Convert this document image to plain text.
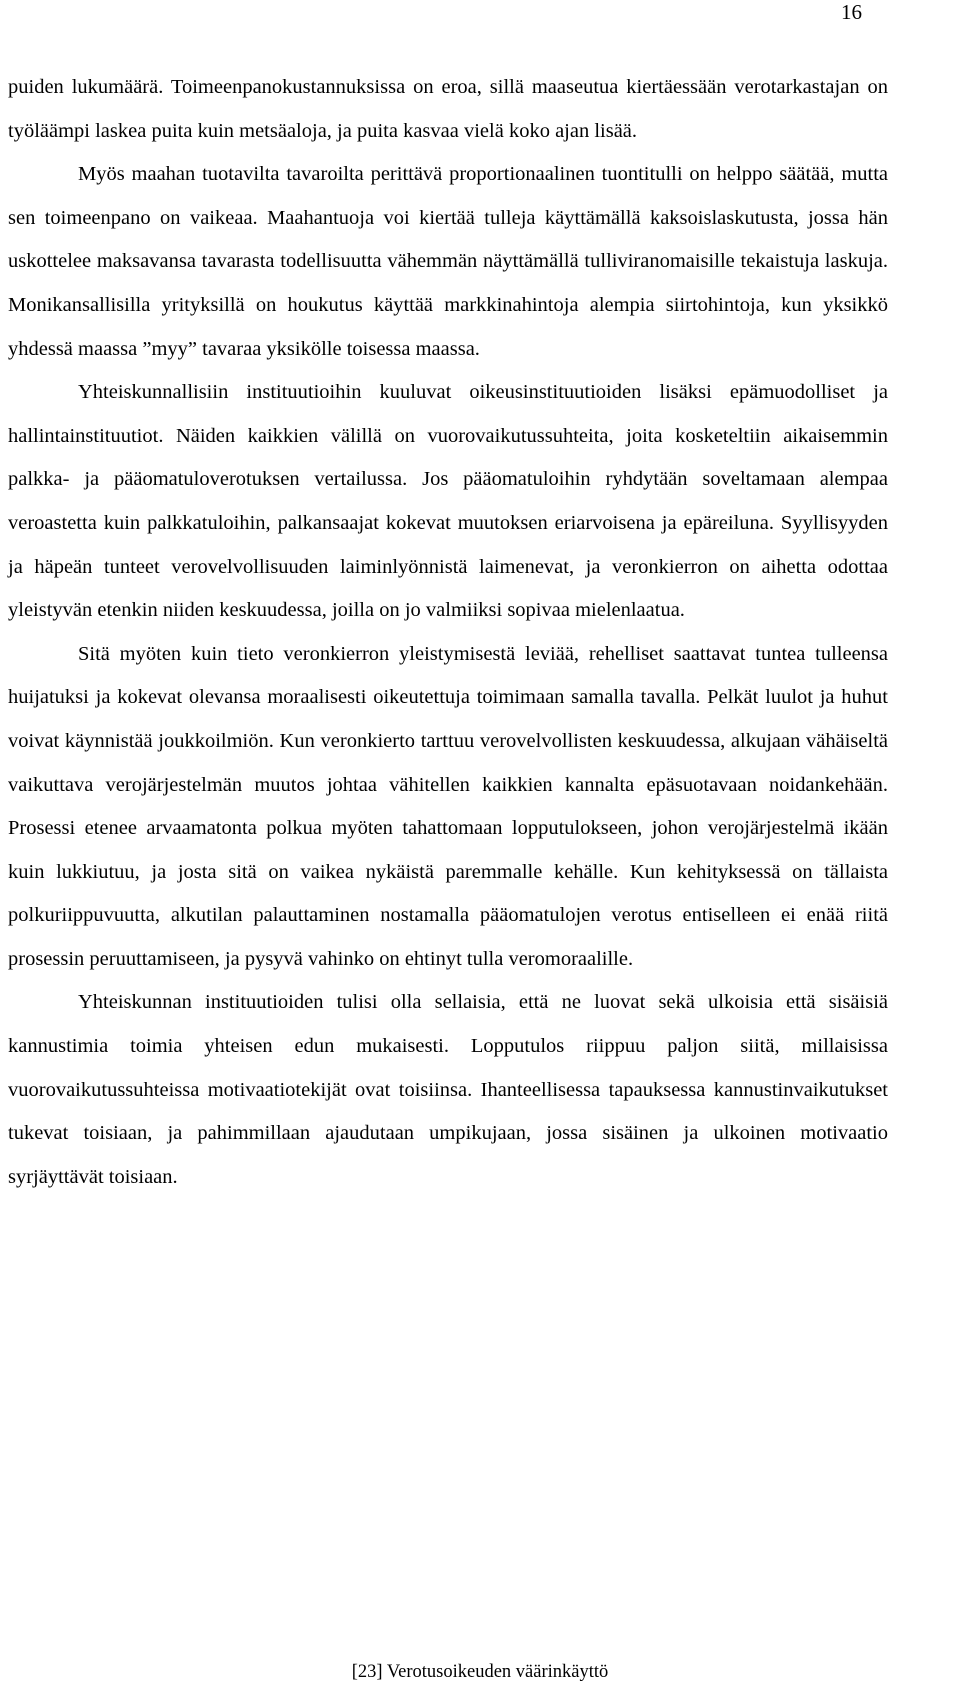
16

puiden lukumäärä. Toimeenpanokustannuksissa on eroa, sillä maaseutua kiertäessään verotarkastajan on työläämpi laskea puita kuin metsäaloja, ja puita kasvaa vielä koko ajan lisää.

Myös maahan tuotavilta tavaroilta perittävä proportionaalinen tuontitulli on helppo säätää, mutta sen toimeenpano on vaikeaa. Maahantuoja voi kiertää tulleja käyttämällä kaksoislaskutusta, jossa hän uskottelee maksavansa tavarasta todellisuutta vähemmän näyttämällä tulliviranomaisille tekaistuja laskuja. Monikansallisilla yrityksillä on houkutus käyttää markkinahintoja alempia siirtohintoja, kun yksikkö yhdessä maassa ”myy” tavaraa yksikölle toisessa maassa.

Yhteiskunnallisiin instituutioihin kuuluvat oikeusinstituutioiden lisäksi epämuodolliset ja hallintainstituutiot. Näiden kaikkien välillä on vuorovaikutussuhteita, joita kosketeltiin aikaisemmin palkka- ja pääomatuloverotuksen vertailussa. Jos pääomatuloihin ryhdytään soveltamaan alempaa veroastetta kuin palkkatuloihin, palkansaajat kokevat muutoksen eriarvoisena ja epäreiluna. Syyllisyyden ja häpeän tunteet verovelvollisuuden laiminlyönnistä laimenevat, ja veronkierron on aihetta odottaa yleistyvän etenkin niiden keskuudessa, joilla on jo valmiiksi sopivaa mielenlaatua.

Sitä myöten kuin tieto veronkierron yleistymisestä leviää, rehelliset saattavat tuntea tulleensa huijatuksi ja kokevat olevansa moraalisesti oikeutettuja toimimaan samalla tavalla. Pelkät luulot ja huhut voivat käynnistää joukkoilmiön. Kun veronkierto tarttuu verovelvollisten keskuudessa, alkujaan vähäiseltä vaikuttava verojärjestelmän muutos johtaa vähitellen kaikkien kannalta epäsuotavaan noidankehään. Prosessi etenee arvaamatonta polkua myöten tahattomaan lopputulokseen, johon verojärjestelmä ikään kuin lukkiutuu, ja josta sitä on vaikea nykäistä paremmalle kehälle. Kun kehityksessä on tällaista polkuriippuvuutta, alkutilan palauttaminen nostamalla pääomatulojen verotus entiselleen ei enää riitä prosessin peruuttamiseen, ja pysyvä vahinko on ehtinyt tulla veromoraalille.

Yhteiskunnan instituutioiden tulisi olla sellaisia, että ne luovat sekä ulkoisia että sisäisiä kannustimia toimia yhteisen edun mukaisesti. Lopputulos riippuu paljon siitä, millaisissa vuorovaikutussuhteissa motivaatiotekijät ovat toisiinsa. Ihanteellisessa tapauksessa kannustinvaikutukset tukevat toisiaan, ja pahimmillaan ajaudutaan umpikujaan, jossa sisäinen ja ulkoinen motivaatio syrjäyttävät toisiaan.

[23] Verotusoikeuden väärinkäyttö
